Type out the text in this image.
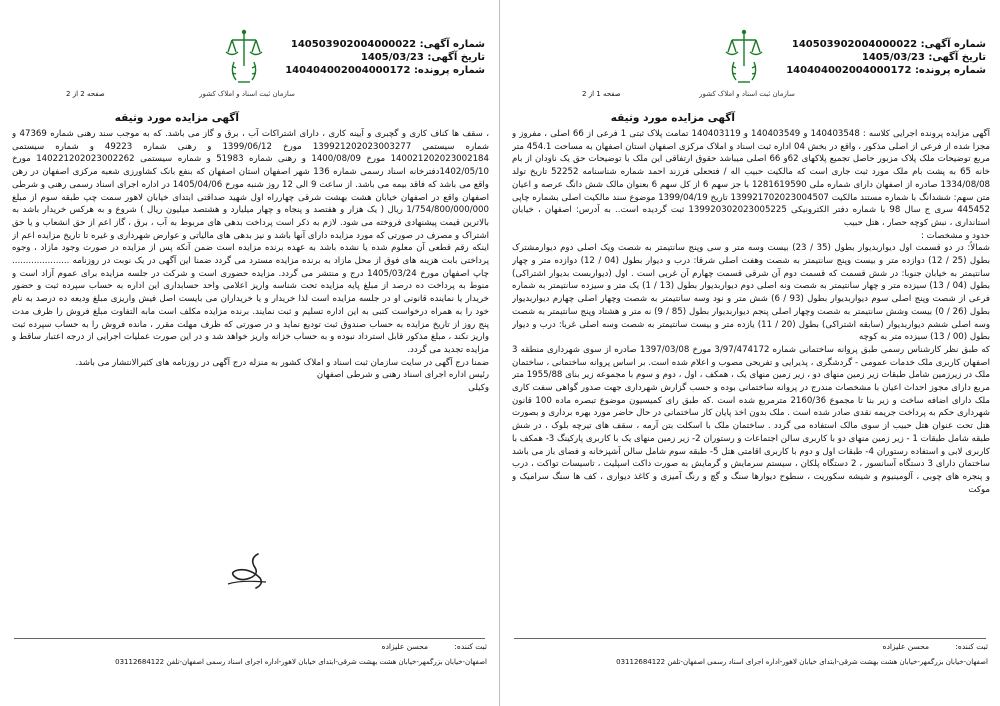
شماره آگهی: 140503902004000022
تاریخ آگهی: 1405/03/23
شماره پرونده: 140404002004000172
سازمان ثبت اسناد و املاک کشور
صفحه 2 از 2
آگهی مزایده مورد وثیقه

، سقف ها کناف کاری و گچبری و آیینه کاری ، دارای اشتراکات آب ، برق و گاز می باشد. که به موجب سند رهنی شماره 47369 و شماره سیستمی 139921202023003277 مورخ 1399/06/12 و رهنی شماره 49223 و شماره سیستمی 140021202023002184 مورخ 1400/08/09 و رهنی شماره 51983 و شماره سیستمی 140221202023002262 مورخ 1402/05/10دفترخانه اسناد رسمی شماره 136 شهر اصفهان استان اصفهان که بنفع بانک کشاورزی شعبه مرکزی اصفهان در رهن واقع می باشد که فاقد بیمه می باشد. از ساعت 9 الی 12 روز شنبه مورخ 1405/04/06 در اداره اجرای اسناد رسمی رهنی و شرطی اصفهان واقع در اصفهان خیابان هشت بهشت شرقی چهارراه اول شهید صداقتی ابتدای خیابان لاهور سمت چپ طبقه سوم از مبلغ 1/754/800/000/000 ریال ( یک هزار و هفتصد و پنجاه و چهار میلیارد و هشتصد میلیون ریال ) شروع و به هرکس خریدار باشد به بالاترین قیمت پیشنهادی فروخته می شود. لازم به ذکر است پرداخت بدهی های مربوط به آب ، برق ، گاز اعم از حق انشعاب و یا حق اشتراک و مصرف در صورتی که مورد مزایده دارای آنها باشد و نیز بدهی های مالیاتی و عوارض شهرداری و غیره تا تاریخ مزایده اعم از اینکه رقم قطعی آن معلوم شده یا نشده باشد به عهده برنده مزایده است ضمن آنکه پس از مزایده در صورت وجود مازاد ، وجوه پرداختی بابت هزینه های فوق از محل مازاد به برنده مزایده مسترد می گردد ضمنا این آگهی در یک نوبت در روزنامه ..................... چاپ اصفهان مورخ 1405/03/24 درج و منتشر می گردد. مزایده حضوری است و شرکت در جلسه مزایده برای عموم آزاد است و منوط به پرداخت ده درصد از مبلغ پایه مزایده تحت شناسه واریز اعلامی واحد حسابداری این اداره به حساب سپرده ثبت و حضور خریدار یا نماینده قانونی او در جلسه مزایده است لذا خریدار و یا خریداران می بایست اصل فیش واریزی مبلغ ودیعه ده درصد به نام خود را به همراه درخواست کتبی به این اداره تسلیم و ثبت نمایند. برنده مزایده مکلف است مابه التفاوت مبلغ فروش را ظرف مدت پنج روز از تاریخ مزایده به حساب صندوق ثبت تودیع نماید و در صورتی که ظرف مهلت مقرر ، مانده فروش را به حساب سپرده ثبت واریز نکند ، مبلغ مذکور قابل استرداد نبوده و به حساب خزانه واریز خواهد شد و در این صورت عملیات اجرایی از درجه اعتبار ساقط و مزایده تجدید می گردد.

ضمنا درج آگهی در سایت سازمان ثبت اسناد و املاک کشور به منزله درج آگهی در روزنامه های کثیرالانتشار می باشد.

رئیس اداره اجرای اسناد رهنی و شرطی اصفهان

وکیلی

ثبت کننده: محسن علیزاده
اصفهان-خیابان بزرگمهر-خیابان هشت بهشت شرقی-ابتدای خیابان لاهور-اداره اجرای اسناد رسمی اصفهان-تلفن 03112684122
شماره آگهی: 140503902004000022
تاریخ آگهی: 1405/03/23
شماره پرونده: 140404002004000172
سازمان ثبت اسناد و املاک کشور
صفحه 1 از 2
آگهی مزایده مورد وثیقه

آگهی مزایده پرونده اجرایی کلاسه : 140403548 و 140403549 و 140403119 تمامت پلاک ثبتی 1 فرعی از 66 اصلی ، مفروز و مجزا شده از فرعی از اصلی مذکور ، واقع در بخش 04 اداره ثبت اسناد و املاک مرکزی اصفهان استان اصفهان به مساحت 454.1 متر مربع توضیحات ملک پلاک مزبور حاصل تجمیع پلاکهای 62و 66 اصلی میباشد حقوق ارتفاقی این ملک با توضیحات حق یک ناودان از بام خانه 65 به پشت بام ملک مورد ثبت جاری است که مالکیت حبیب اله / فتحعلی فرزند احمد شماره شناسنامه 52252 تاریخ تولد 1334/08/08 صادره از اصفهان دارای شماره ملی 1281619590 با جز سهم 6 از کل سهم 6 بعنوان مالک شش دانگ عرصه و اعیان متن سهم: ششدانگ با شماره مستند مالکیت 139921702023004507 تاریخ 1399/04/19 موضوع سند مالکیت اصلی بشماره چاپی 445452 سری ج سال 98 با شماره دفتر الکترونیکی 139920302023005225 ثبت گردیده است.. به آدرس: اصفهان ، خیابان استانداری ، نبش کوچه حصار ، هتل حبیب

حدود و مشخصات :

شمالاً: در دو قسمت اول دیواربدیوار بطول (35 / 23) بیست وسه متر و سی وپنج سانتیمتر به شصت ویک اصلی دوم دیوارمشترک بطول (25 / 12) دوازده متر و بیست وپنج سانتیمتر به شصت وهفت اصلی شرقا: درب و دیوار بطول (04 / 12) دوازده متر و چهار سانتیمتر به خیابان جنوبا: در شش قسمت که قسمت دوم آن شرقی قسمت چهارم آن غربی است . اول (دیواربست بدیوار اشتراکی) بطول (04 / 13) سیزده متر و چهار سانتیمتر به شصت ونه اصلی دوم دیواربدیوار بطول (13 / 1) یک متر و سیزده سانتیمتر به شماره فرعی از شصت وپنج اصلی سوم دیواربدیوار بطول (93 / 6) شش متر و نود وسه سانتیمتر به شصت وچهار اصلی چهارم دیواربدیوار بطول (26 / 0) بیست وشش سانتیمتر به شصت وچهار اصلی پنجم دیواربدیوار بطول (85 / 9) نه متر و هشتاد وپنج سانتیمتر به شصت وسه اصلی ششم دیواربدیوار (سابقه اشتراکی) بطول (20 / 11) یازده متر و بیست سانتیمتر به شصت وسه اصلی غربا: درب و دیوار بطول (00 / 13) سیزده متر به کوچه

که طبق نظر کارشناس رسمی طبق پروانه ساختمانی شماره 3/97/474172 مورخ 1397/03/08 صادره از سوی شهرداری منطقه 3 اصفهان کاربری ملک خدمات عمومی - گردشگری ، پذیرایی و تفریحی مصوب و اعلام شده است. بر اساس پروانه ساختمانی ، ساختمان ملک در زیرزمین شامل طبقات زیر زمین منهای دو ، زیر زمین منهای یک ، همکف ، اول ، دوم و سوم با مجموعه زیر بنای 1955/88 متر مربع دارای مجوز احداث اعیان با مشخصات مندرج در پروانه ساختمانی بوده و حسب گزارش شهرداری جهت صدور گواهی سفت کاری ملک دارای اضافه ساخت و زیر بنا تا مجموع 2160/36 مترمربع شده است .که طبق رای کمیسیون موضوع تبصره ماده 100 قانون شهرداری حکم به پرداخت جریمه نقدی صادر شده است . ملک بدون اخذ پایان کار ساختمانی در حال حاضر مورد بهره برداری و بصورت هتل تحت عنوان هتل حبیب از سوی مالک استفاده می گردد . ساختمان ملک با اسکلت بتن آرمه ، سقف های تیرچه بلوک ، در شش طبقه شامل طبقات 1 - زیر زمین منهای دو با کاربری سالن اجتماعات و رستوران 2- زیر زمین منهای یک با کاربری پارکینگ 3- همکف با کاربری لابی و استفاده رستوران 4- طبقات اول و دوم با کاربری اقامتی هتل 5- طبقه سوم شامل سالن آشپزخانه و فضای باز می باشد ساختمان دارای 3 دستگاه آسانسور ، 2 دستگاه پلکان ، سیستم سرمایش و گرمایش به صورت داکت اسپلیت ، تاسیسات تواکت ، درب و پنجره های چوبی ، آلومینیوم و شیشه سکوریت ، سطوح دیوارها سنگ و گچ و رنگ آمیزی و کاغذ دیواری ، کف ها سنگ سرامیک و موکت

ثبت کننده: محسن علیزاده
اصفهان-خیابان بزرگمهر-خیابان هشت بهشت شرقی-ابتدای خیابان لاهور-اداره اجرای اسناد رسمی اصفهان-تلفن 03112684122
